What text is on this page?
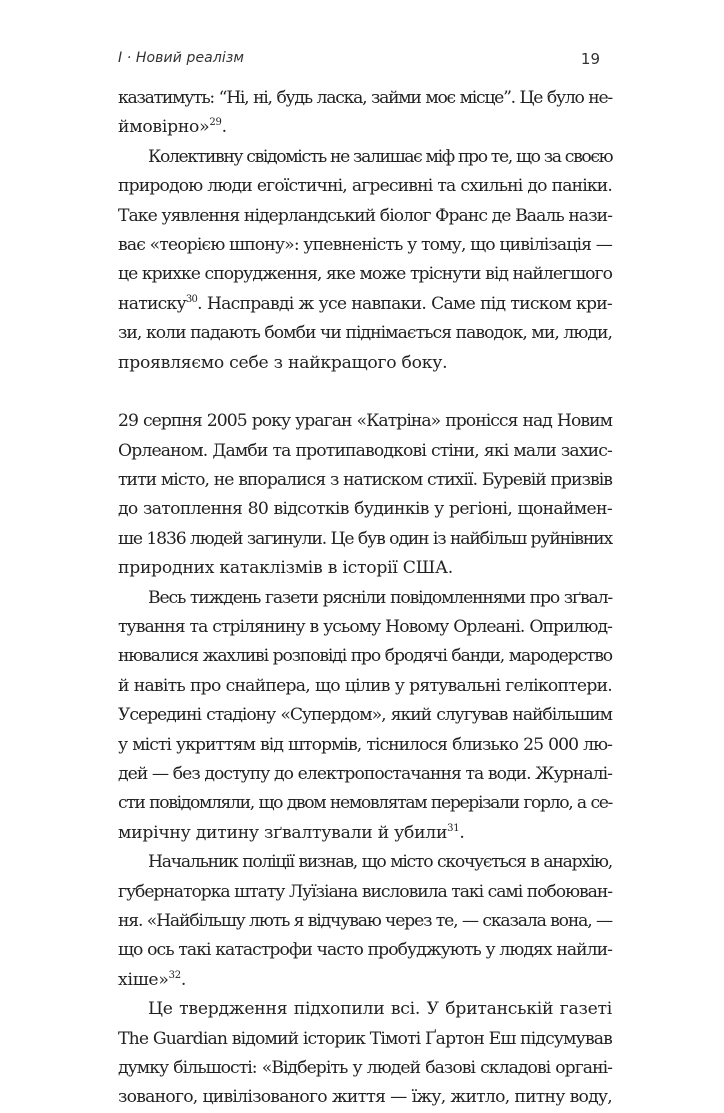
І · Новий реалізм	19
казатимуть: “Ні, ні, будь ласка, займи моє місце”. Це було не-
ймовірно»$^{29}$.
Колективну свідомість не залишає міф про те, що за своєю
природою люди егоїстичні, агресивні та схильні до паніки.
Таке уявлення нідерландський біолог Франс де Вааль нази-
ває «теорією шпону»: упевненість у тому, що цивілізація —
це крихке спорудження, яке може тріснути від найлегшого
натиску$^{30}$. Насправді ж усе навпаки. Саме під тиском кри-
зи, коли падають бомби чи піднімається паводок, ми, люди,
проявляємо себе з найкращого боку.
29 серпня 2005 року ураган «Катріна» пронісся над Новим
Орлеаном. Дамби та протипаводкові стіни, які мали захис-
тити місто, не впоралися з натиском стихії. Буревій призвів
до затоплення 80 відсотків будинків у регіоні, щонаймен-
ше 1836 людей загинули. Це був один із найбільш руйнівних
природних катаклізмів в історії США.
Весь тиждень газети рясніли повідомленнями про зґвал-
тування та стрілянину в усьому Новому Орлеані. Оприлюд-
нювалися жахливі розповіді про бродячі банди, мародерство
й навіть про снайпера, що цілив у рятувальні гелікоптери.
Усередині стадіону «Супердом», який слугував найбільшим
у місті укриттям від штормів, тіснилося близько 25 000 лю-
дей — без доступу до електропостачання та води. Журналі-
сти повідомляли, що двом немовлятам перерізали горло, а се-
мирічну дитину зґвалтували й убили$^{31}$.
Начальник поліції визнав, що місто скочується в анархію,
губернаторка штату Луїзіана висловила такі самі побоюван-
ня. «Найбільшу лють я відчуваю через те, — сказала вона, —
що ось такі катастрофи часто пробуджують у людях найли-
хіше»$^{32}$.
Це твердження підхопили всі. У британській газеті
The Guardian відомий історик Тімоті Ґартон Еш підсумував
думку більшості: «Відберіть у людей базові складові органі-
зованого, цивілізованого життя — їжу, житло, питну воду,
